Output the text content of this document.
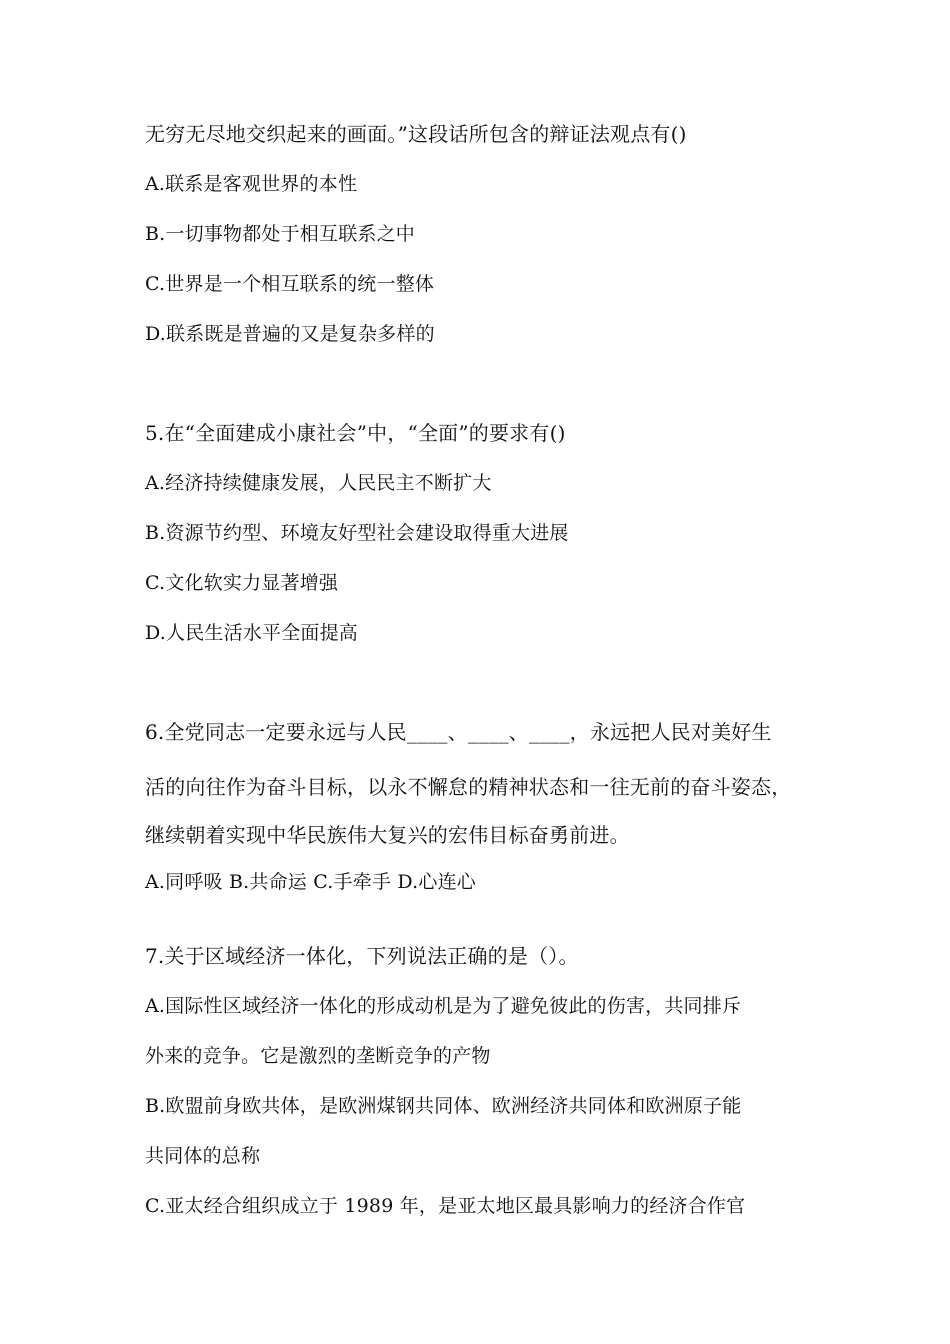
无穷无尽地交织起来的画面。”这段话所包含的辩证法观点有()
A.联系是客观世界的本性
B.一切事物都处于相互联系之中
C.世界是一个相互联系的统一整体
D.联系既是普遍的又是复杂多样的
5.在“全面建成小康社会”中，“全面”的要求有()
A.经济持续健康发展，人民民主不断扩大
B.资源节约型、环境友好型社会建设取得重大进展
C.文化软实力显著增强
D.人民生活水平全面提高
6.全党同志一定要永远与人民____、____、____，永远把人民对美好生
活的向往作为奋斗目标，以永不懈怠的精神状态和一往无前的奋斗姿态，
继续朝着实现中华民族伟大复兴的宏伟目标奋勇前进。
A.同呼吸 B.共命运 C.手牵手 D.心连心
7.关于区域经济一体化，下列说法正确的是（）。
A.国际性区域经济一体化的形成动机是为了避免彼此的伤害，共同排斥
外来的竞争。它是激烈的垄断竞争的产物
B.欧盟前身欧共体，是欧洲煤钢共同体、欧洲经济共同体和欧洲原子能
共同体的总称
C.亚太经合组织成立于 1989 年，是亚太地区最具影响力的经济合作官
